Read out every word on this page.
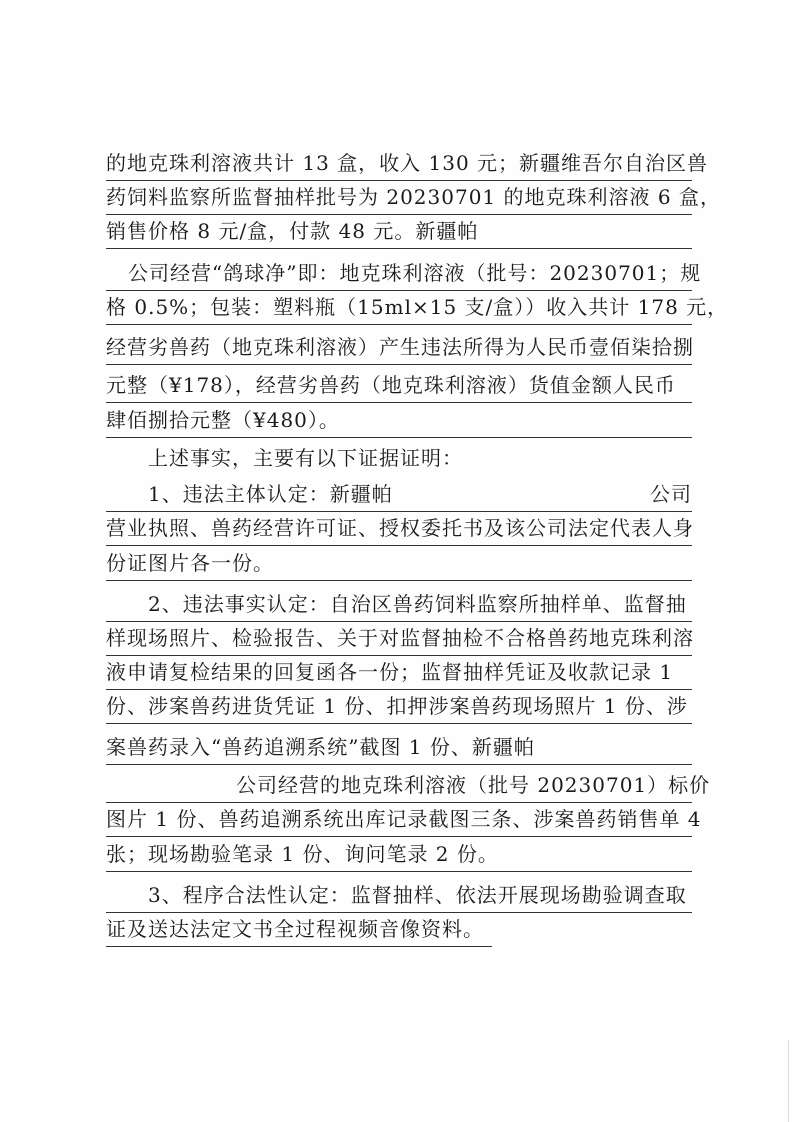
的地克珠利溶液共计 13 盒，收入 130 元；新疆维吾尔自治区兽
药饲料监察所监督抽样批号为 20230701 的地克珠利溶液 6 盒，
销售价格 8 元/盒，付款 48 元。新疆帕
公司经营“鸽球净”即：地克珠利溶液（批号：20230701；规
格 0.5%；包装：塑料瓶（15ml×15 支/盒））收入共计 178 元，
经营劣兽药（地克珠利溶液）产生违法所得为人民币壹佰柒拾捌
元整（¥178），经营劣兽药（地克珠利溶液）货值金额人民币
肆佰捌拾元整（¥480）。
上述事实，主要有以下证据证明：
1、违法主体认定：新疆帕	公司
营业执照、兽药经营许可证、授权委托书及该公司法定代表人身
份证图片各一份。
2、违法事实认定：自治区兽药饲料监察所抽样单、监督抽
样现场照片、检验报告、关于对监督抽检不合格兽药地克珠利溶
液申请复检结果的回复函各一份；监督抽样凭证及收款记录 1
份、涉案兽药进货凭证 1 份、扣押涉案兽药现场照片 1 份、涉
案兽药录入“兽药追溯系统”截图 1 份、新疆帕
公司经营的地克珠利溶液（批号 20230701）标价
图片 1 份、兽药追溯系统出库记录截图三条、涉案兽药销售单 4
张；现场勘验笔录 1 份、询问笔录 2 份。
3、程序合法性认定：监督抽样、依法开展现场勘验调查取
证及送达法定文书全过程视频音像资料。
